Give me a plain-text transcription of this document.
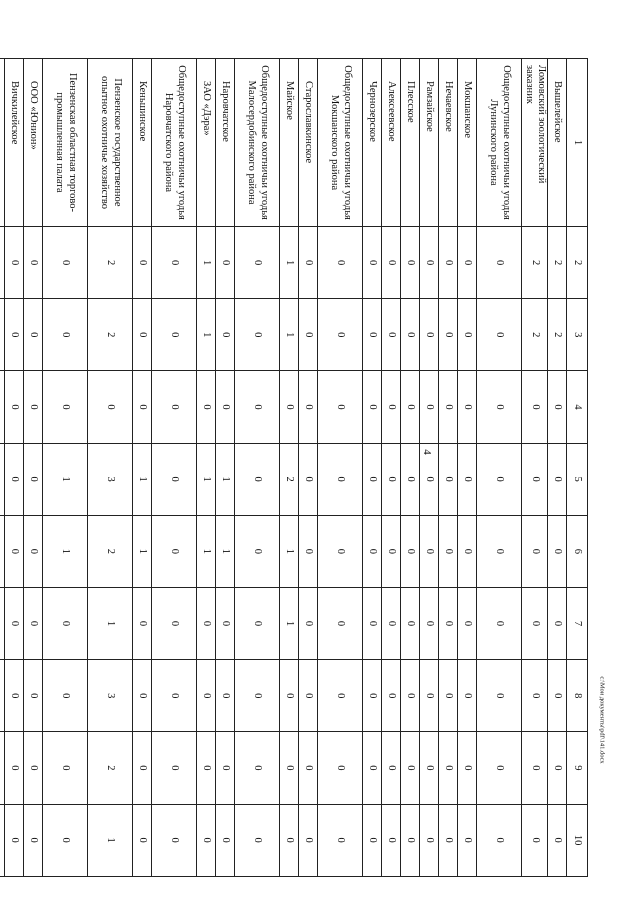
4
1	2	3	4	5	6	7	8	9	10
Вышелейское	2	2	0	0	0	0	0	0	0
Ломовский зоологический заказник	2	2	0	0	0	0	0	0	0
Общедоступные охотничьи угодья Лунинского района	0	0	0	0	0	0	0	0	0
Мокшанское	0	0	0	0	0	0	0	0	0
Нечаевское	0	0	0	0	0	0	0	0	0
Рамзайское	0	0	0	0	0	0	0	0	0
Плесское	0	0	0	0	0	0	0	0	0
Алексеевское	0	0	0	0	0	0	0	0	0
Чернозерское	0	0	0	0	0	0	0	0	0
Общедоступные охотничьи угодья Мокшанского района	0	0	0	0	0	0	0	0	0
Старославкинское	0	0	0	0	0	0	0	0	0
Майское	1	1	0	2	1	1	0	0	0
Общедоступные охотничьи угодья Малосердобинского района	0	0	0	0	0	0	0	0	0
Наровчатское	0	0	0	1	1	0	0	0	0
ЗАО «Дэра»	1	1	0	1	1	0	0	0	0
Общедоступные охотничьи угодья Наровчатского района	0	0	0	0	0	0	0	0	0
Кеньшинское	0	0	0	1	1	0	0	0	0
Пензенское государственное опытное охотничье хозяйство	2	2	0	3	2	1	3	2	1
Пензенская областная торгово-промышленная палата	0	0	0	1	1	0	0	0	0
ООО «Юнион»	0	0	0	0	0	0	0	0	0
Вичкилейское	0	0	0	0	0	0	0	0	0

c:\Мои документы\pdf\141.docx
